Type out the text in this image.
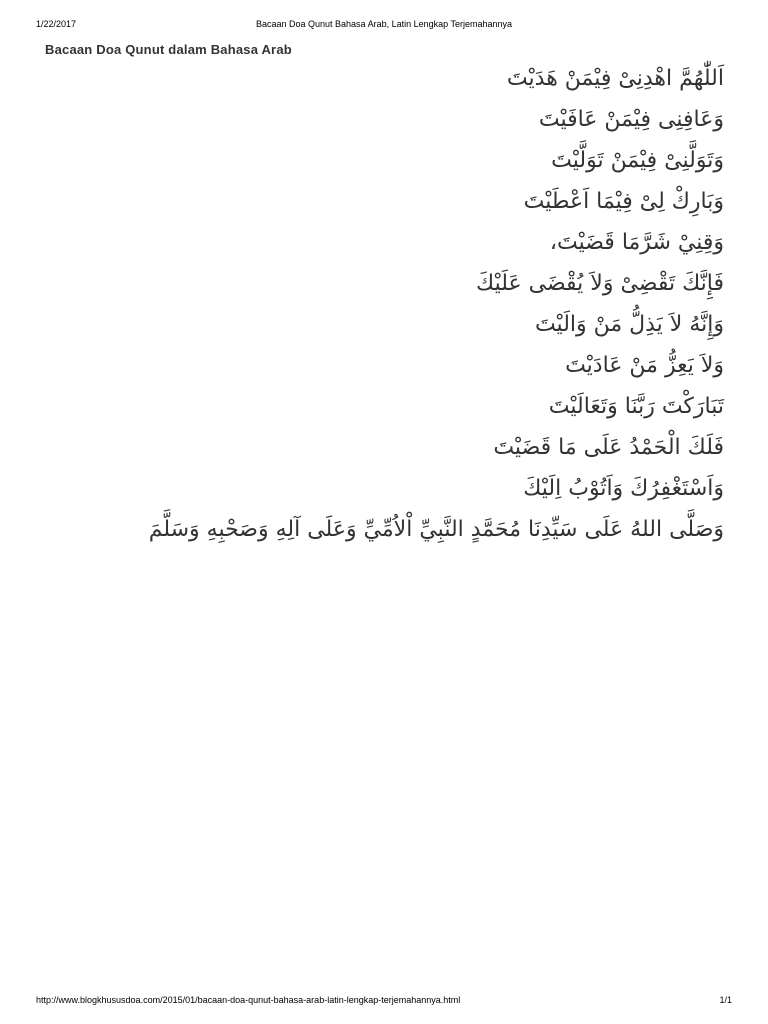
1/22/2017	Bacaan Doa Qunut Bahasa Arab, Latin Lengkap Terjemahannya
Bacaan Doa Qunut dalam Bahasa Arab
اَللّٰهُمَّ اهْدِنِىْ فِيْمَنْ هَدَيْتَ
وَعَافِنِى فِيْمَنْ عَافَيْتَ
وَتَوَلَّنِىْ فِيْمَنْ تَوَلَّيْتَ
وَبَارِكْ لِىْ فِيْمَا اَعْطَيْتَ
وَقِنِيْ شَرَّمَا قَضَيْتَ،
فَإِنَّكَ تَقْضِىْ وَلاَ يُقْضَى عَلَيْكَ
وَإِنَّهُ لاَ يَذِلُّ مَنْ وَالَيْتَ
وَلاَ يَعِزُّ مَنْ عَادَيْتَ
تَبَارَكْتَ رَبَّنَا وَتَعَالَيْتَ
فَلَكَ الْحَمْدُ عَلَى مَا قَضَيْتَ
وَاَسْتَغْفِرُكَ وَاَتُوْبُ اِلَيْكَ
وَصَلَّى اللهُ عَلَى سَيِّدِنَا مُحَمَّدٍ النَّبِيِّ اْلاُمِّيِّ وَعَلَى آلِهِ وَصَحْبِهِ وَسَلَّمَ
http://www.blogkhususdoa.com/2015/01/bacaan-doa-qunut-bahasa-arab-latin-lengkap-terjemahannya.html	1/1
